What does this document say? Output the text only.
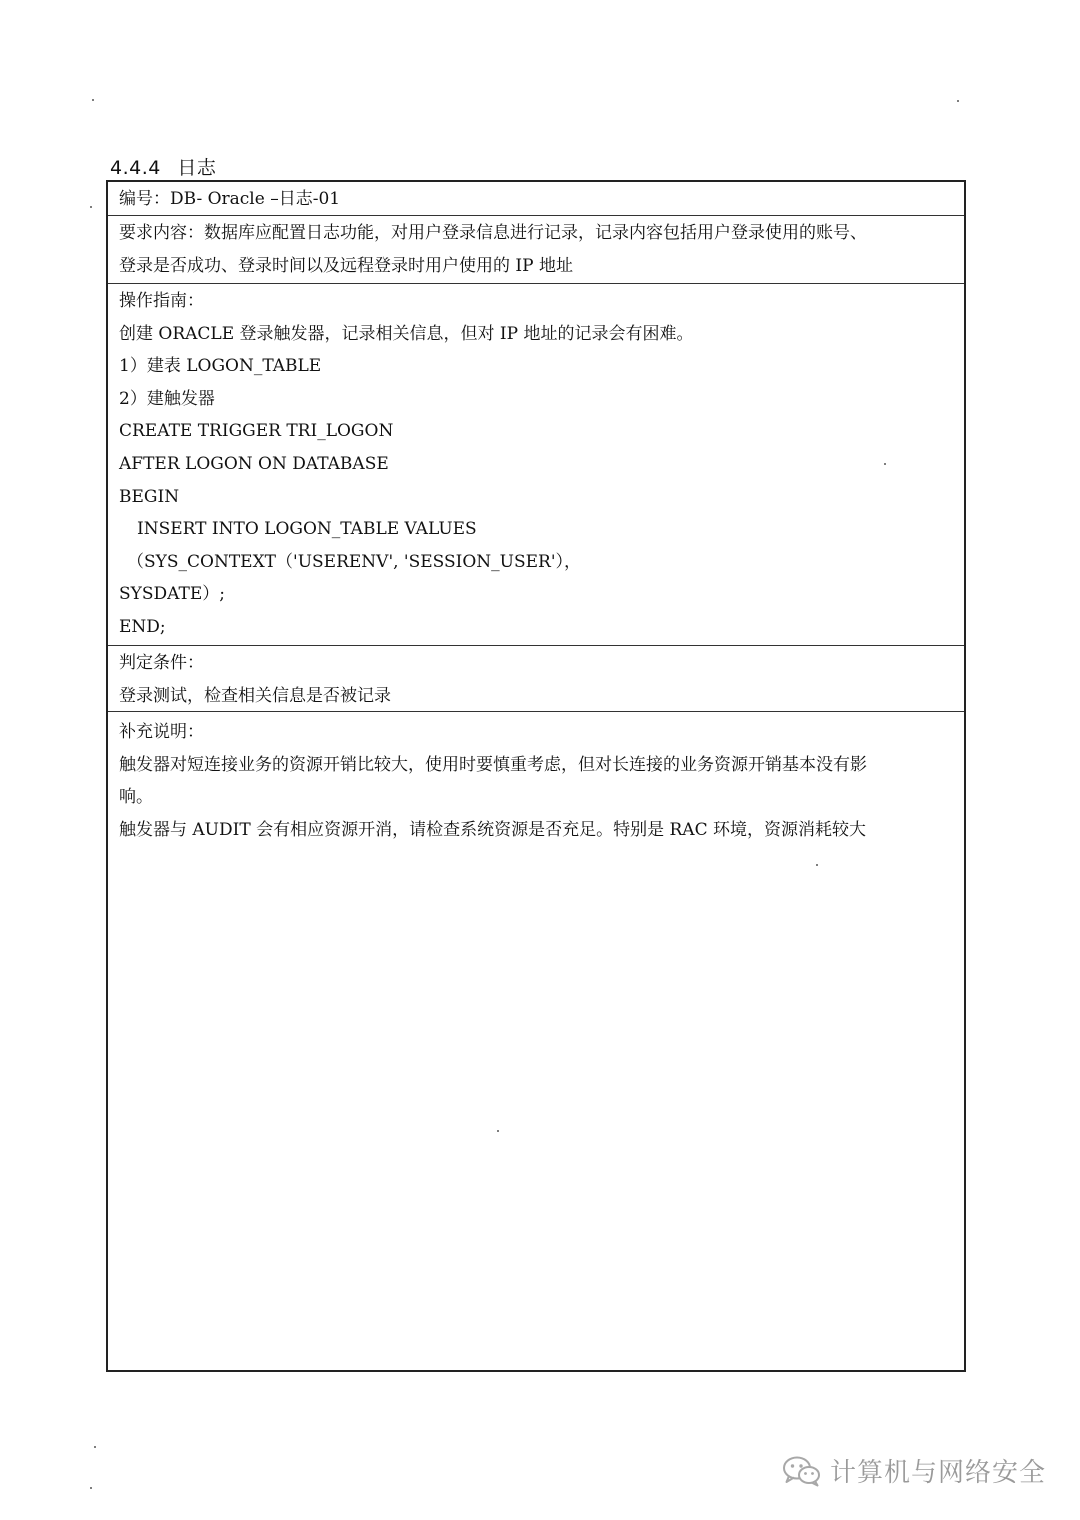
4.4.4 日志
编号：DB- Oracle –日志-01
要求内容：数据库应配置日志功能，对用户登录信息进行记录，记录内容包括用户登录使用的账号、
登录是否成功、登录时间以及远程登录时用户使用的 IP 地址
操作指南：
创建 ORACLE 登录触发器，记录相关信息，但对 IP 地址的记录会有困难。
1）建表 LOGON_TABLE
2）建触发器
CREATE TRIGGER TRI_LOGON
AFTER LOGON ON DATABASE
BEGIN
INSERT INTO LOGON_TABLE VALUES
（SYS_CONTEXT（'USERENV', 'SESSION_USER'），
SYSDATE）;
END;
判定条件：
登录测试，检查相关信息是否被记录
补充说明：
触发器对短连接业务的资源开销比较大，使用时要慎重考虑，但对长连接的业务资源开销基本没有影
响。
触发器与 AUDIT 会有相应资源开消，请检查系统资源是否充足。特别是 RAC 环境，资源消耗较大
计算机与网络安全
